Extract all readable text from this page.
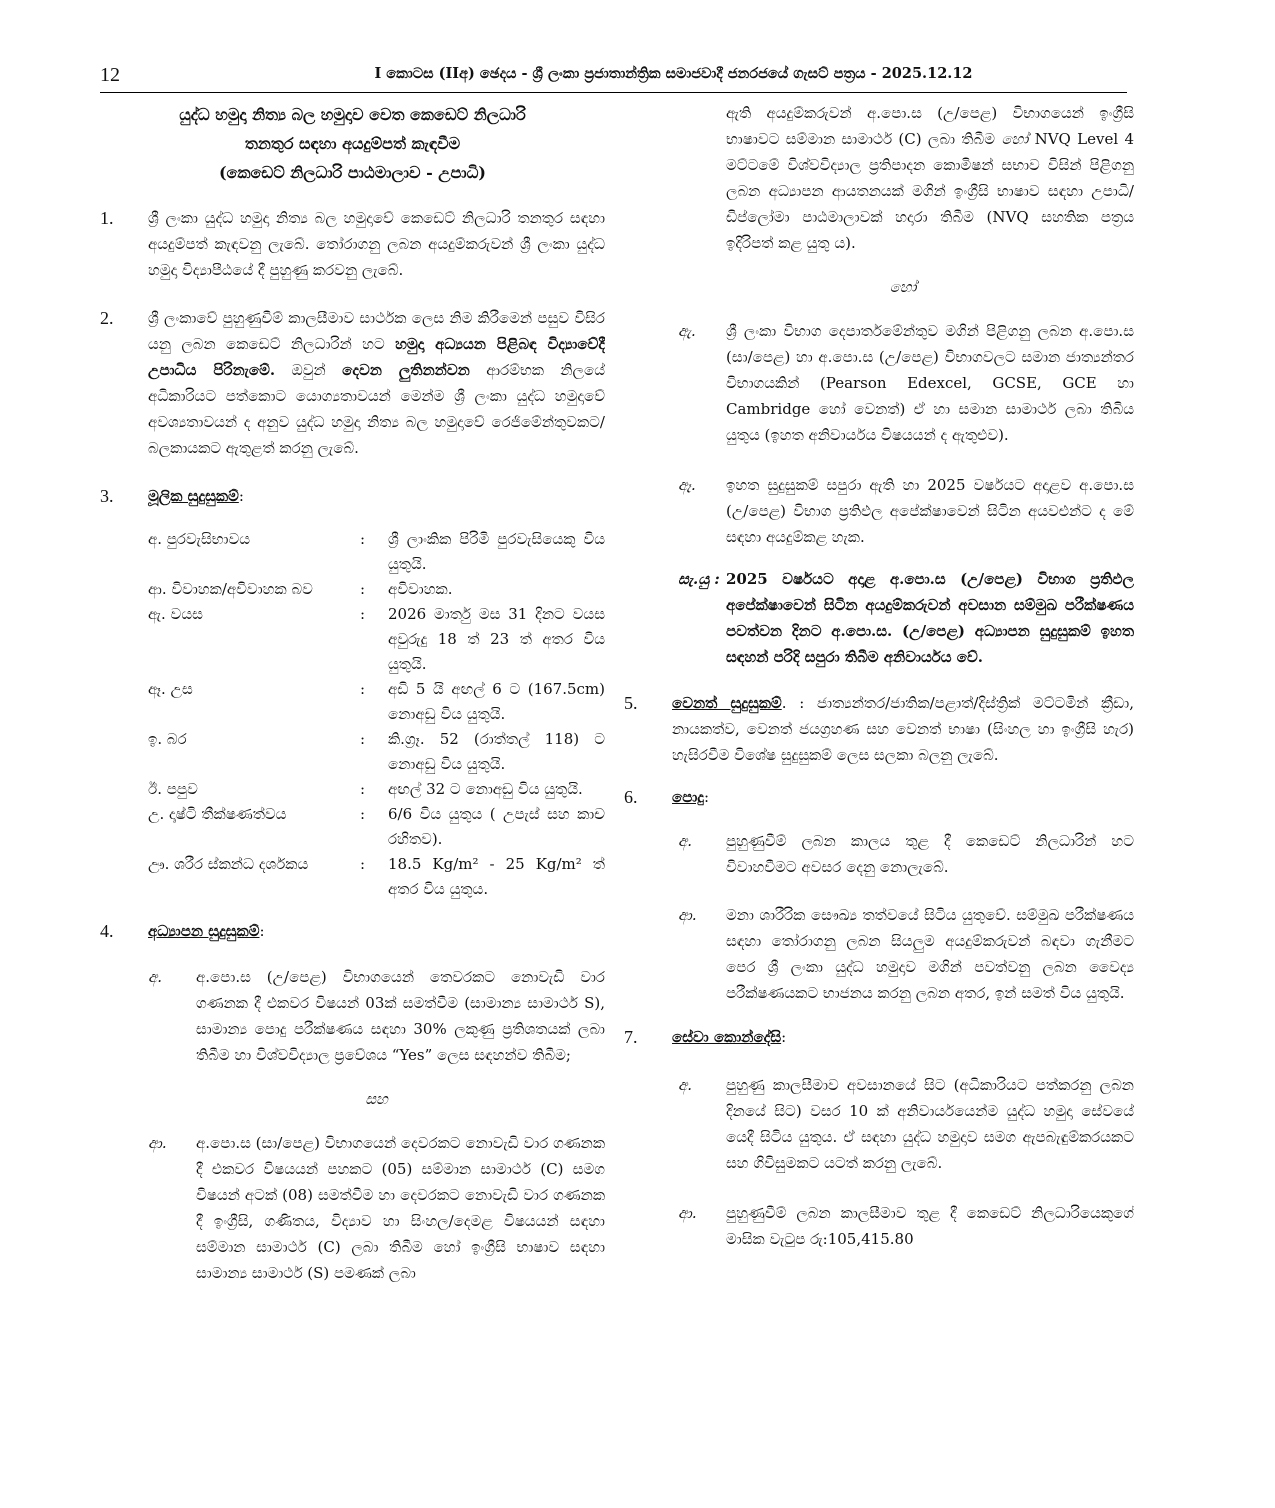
12	I කොටස (IIඅ) ඡෙදය - ශ්‍රී ලංකා ප්‍රජාතාන්ත්‍රික සමාජවාදී ජනරජයේ ගැසට් පත්‍රය - 2025.12.12

යුද්ධ හමුදා නිත්‍ය බල හමුදාව වෙත කෙඩෙට් නිලධාරි

තනතුර සඳහා අයදුම්පත් කැඳවීම

(කෙඩෙට් නිලධාරි පාඨමාලාව - උපාධි)

1. ශ්‍රී ලංකා යුද්ධ හමුදා නිත්‍ය බල හමුදාවේ කෙඩෙට් නිලධාරි තනතුර සඳහා අයදුම්පත් කැඳවනු ලැබේ. තෝරාගනු ලබන අයදුම්කරුවන් ශ්‍රී ලංකා යුද්ධ හමුදා විද්‍යාපීඨයේ දී පුහුණු කරවනු ලැබේ.

2. ශ්‍රී ලංකාවේ පුහුණුවීම් කාලසීමාව සාර්ථක ලෙස නිම කිරීමෙන් පසුව විසිර යනු ලබන කෙඩෙට් නිලධාරින් හට හමුදා අධ්‍යයන පිළිබඳ විද්‍යාවේදී උපාධිය පිරිනැමේ. ඔවුන් දෙවන ලුතිනන්වන ආරම්භක නිලයේ අධිකාරියට පත්කොට යොග්‍යතාවයන් මෙන්ම ශ්‍රී ලංකා යුද්ධ හමුදාවේ අවශ්‍යතාවයන් ද අනුව යුද්ධ හමුදා නිත්‍ය බල හමුදාවේ රෙජිමේන්තුවකට/බලකායකට ඇතුළත් කරනු ලැබේ.

3. මූලික සුදුසුකම්:

අ. පුරවැසිභාවය	:	ශ්‍රී ලාංකික පිරිමි පුරවැසියෙකු විය යුතුයි.
ආ. විවාහක/අවිවාහක බව	:	අවිවාහක.
ඇ. වයස	:	2026 මාර්තු මස 31 දිනට වයස අවුරුදු 18 ත් 23 ත් අතර විය යුතුයි.
ඈ. උස	:	අඩි 5 යි අඟල් 6 ට (167.5cm) නොඅඩු විය යුතුයි.
ඉ. බර	:	කි.ග්‍රෑ. 52 (රාත්තල් 118) ට නොඅඩු විය යුතුයි.
ඊ. පපුව	:	අඟල් 32 ට නොඅඩු විය යුතුයි.
උ. දෘෂ්ටි තීක්ෂණත්වය	:	6/6 විය යුතුය ( උපැස් සහ කාච රහිතව).
ඌ. ශරීර ස්කන්ධ දර්ශකය	:	18.5 Kg/m² - 25 Kg/m² ත් අතර විය යුතුය.
4. අධ්‍යාපන සුදුසුකම්:

අ. අ.පො.ස (උ/පෙළ) විභාගයෙන් තෙවරකට නොවැඩි වාර ගණනක දී එකවර විෂයන් 03ක් සමත්වීම (සාමාන්‍ය සාමාර්ථ S), සාමාන්‍ය පොදු පරීක්ෂණය සඳහා 30% ලකුණු ප්‍රතිශතයක් ලබා තිබීම හා විශ්වවිද්‍යාල ප්‍රවේශය “Yes” ලෙස සඳහන්ව තිබීම;

සහ

ආ. අ.පො.ස (සා/පෙළ) විභාගයෙන් දෙවරකට නොවැඩි වාර ගණනක දී එකවර විෂයයන් පහකට (05) සම්මාන සාමාර්ථ (C) සමග විෂයන් අටක් (08) සමත්වීම හා දෙවරකට නොවැඩි වාර ගණනක දී ඉංග්‍රීසි, ගණිතය, විද්‍යාව හා සිංහල/දෙමළ විෂයයන් සඳහා සම්මාන සාමාර්ථ (C) ලබා තිබීම හෝ ඉංග්‍රීසි භාෂාව සඳහා සාමාන්‍ය සාමාර්ථ (S) පමණක් ලබා

ඇති අයදුම්කරුවන් අ.පො.ස (උ/පෙළ) විභාගයෙන් ඉංග්‍රීසි භාෂාවට සම්මාන සාමාර්ථ (C) ලබා තිබීම හෝ NVQ Level 4 මට්ටමේ විශ්වවිද්‍යාල ප්‍රතිපාදන කොමිෂන් සභාව විසින් පිළිගනු ලබන අධ්‍යාපන ආයතනයක් මගින් ඉංග්‍රීසි භාෂාව සඳහා උපාධි/ ඩිප්ලෝමා පාඨමාලාවක් හදාරා තිබීම (NVQ සහතික පත්‍රය ඉදිරිපත් කළ යුතු ය).

හෝ

ඇ. ශ්‍රී ලංකා විභාග දෙපාර්තමේන්තුව මගින් පිළිගනු ලබන අ.පො.ස (සා/පෙළ) හා අ.පො.ස (උ/පෙළ) විභාගවලට සමාන ජාත්‍යන්තර විභාගයකින් (Pearson Edexcel, GCSE, GCE හා Cambridge හෝ වෙනත්) ඒ හා සමාන සාමාර්ථ ලබා තිබිය යුතුය (ඉහත අනිවාර්යය විෂයයන් ද ඇතුළුව).

ඈ. ඉහත සුදුසුකම් සපුරා ඇති හා 2025 වර්ෂයට අදාළව අ.පො.ස (උ/පෙළ) විභාග ප්‍රතිඵල අපේක්ෂාවෙන් සිටින අයවළුන්ට ද මේ සඳහා අයදුම්කළ හැක.

සැ.යු : 2025 වර්ෂයට අදාළ අ.පො.ස (උ/පෙළ) විභාග ප්‍රතිඵල අපේක්ෂාවෙන් සිටින අයදුම්කරුවන් අවසාන සම්මුඛ පරීක්ෂණය පවත්වන දිනට අ.පො.ස. (උ/පෙළ) අධ්‍යාපන සුදුසුකම් ඉහත සඳහන් පරිදි සපුරා තිබීම අනිවාර්යය වේ.

5. වෙනත් සුදුසුකම්. : ජාත්‍යන්තර/ජාතික/පළාත්/දිස්ත්‍රික් මට්ටමින් ක්‍රීඩා, නායකත්ව, වෙනත් ජයග්‍රහණ සහ වෙනත් භාෂා (සිංහල හා ඉංග්‍රීසි හැර) හැසිරවීම විශේෂ සුදුසුකම් ලෙස සලකා බලනු ලැබේ.

6. පොදු:

අ. පුහුණුවීම් ලබන කාලය තුළ දී කෙඩෙට් නිලධාරින් හට විවාහවීමට අවසර දෙනු නොලැබේ.

ආ. මනා ශාරීරික සෞඛ්‍ය තත්වයේ සිටිය යුතුවේ. සම්මුඛ පරීක්ෂණය සඳහා තෝරාගනු ලබන සියලුම අයදුම්කරුවන් බඳවා ගැනීමට පෙර ශ්‍රී ලංකා යුද්ධ හමුදාව මගින් පවත්වනු ලබන වෛද්‍ය පරීක්ෂණයකට භාජනය කරනු ලබන අතර, ඉන් සමත් විය යුතුයි.

7. සේවා කොන්දේසි:

අ. පුහුණු කාලසීමාව අවසානයේ සිට (අධිකාරියට පත්කරනු ලබන දිනයේ සිට) වසර 10 ක් අනිවාර්යයෙන්ම යුද්ධ හමුදා සේවයේ යෙදී සිටිය යුතුය. ඒ සඳහා යුද්ධ හමුදාව සමග ඇපබැඳුම්කරයකට සහ ගිවිසුමකට යටත් කරනු ලැබේ.

ආ. පුහුණුවීම් ලබන කාලසීමාව තුළ දී කෙඩෙට් නිලධාරියෙකුගේ මාසික වැටුප රු:105,415.80
